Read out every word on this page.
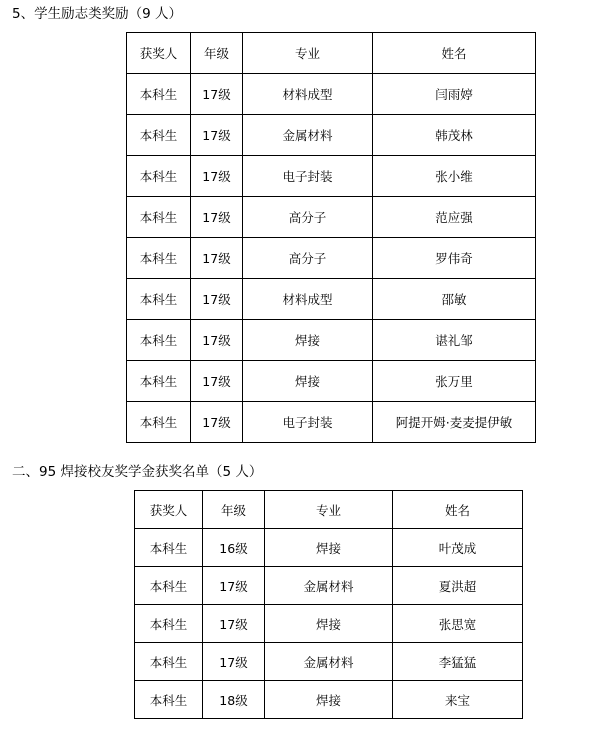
5、学生励志类奖励（9 人）
获奖人	年级	专业	姓名
本科生	17级	材料成型	闫雨婷
本科生	17级	金属材料	韩茂林
本科生	17级	电子封装	张小维
本科生	17级	高分子	范应强
本科生	17级	高分子	罗伟奇
本科生	17级	材料成型	邵敏
本科生	17级	焊接	谌礼邹
本科生	17级	焊接	张万里
本科生	17级	电子封装	阿提开姆·麦麦提伊敏
二、95 焊接校友奖学金获奖名单（5 人）
获奖人	年级	专业	姓名
本科生	16级	焊接	叶茂成
本科生	17级	金属材料	夏洪超
本科生	17级	焊接	张思宽
本科生	17级	金属材料	李猛猛
本科生	18级	焊接	来宝
